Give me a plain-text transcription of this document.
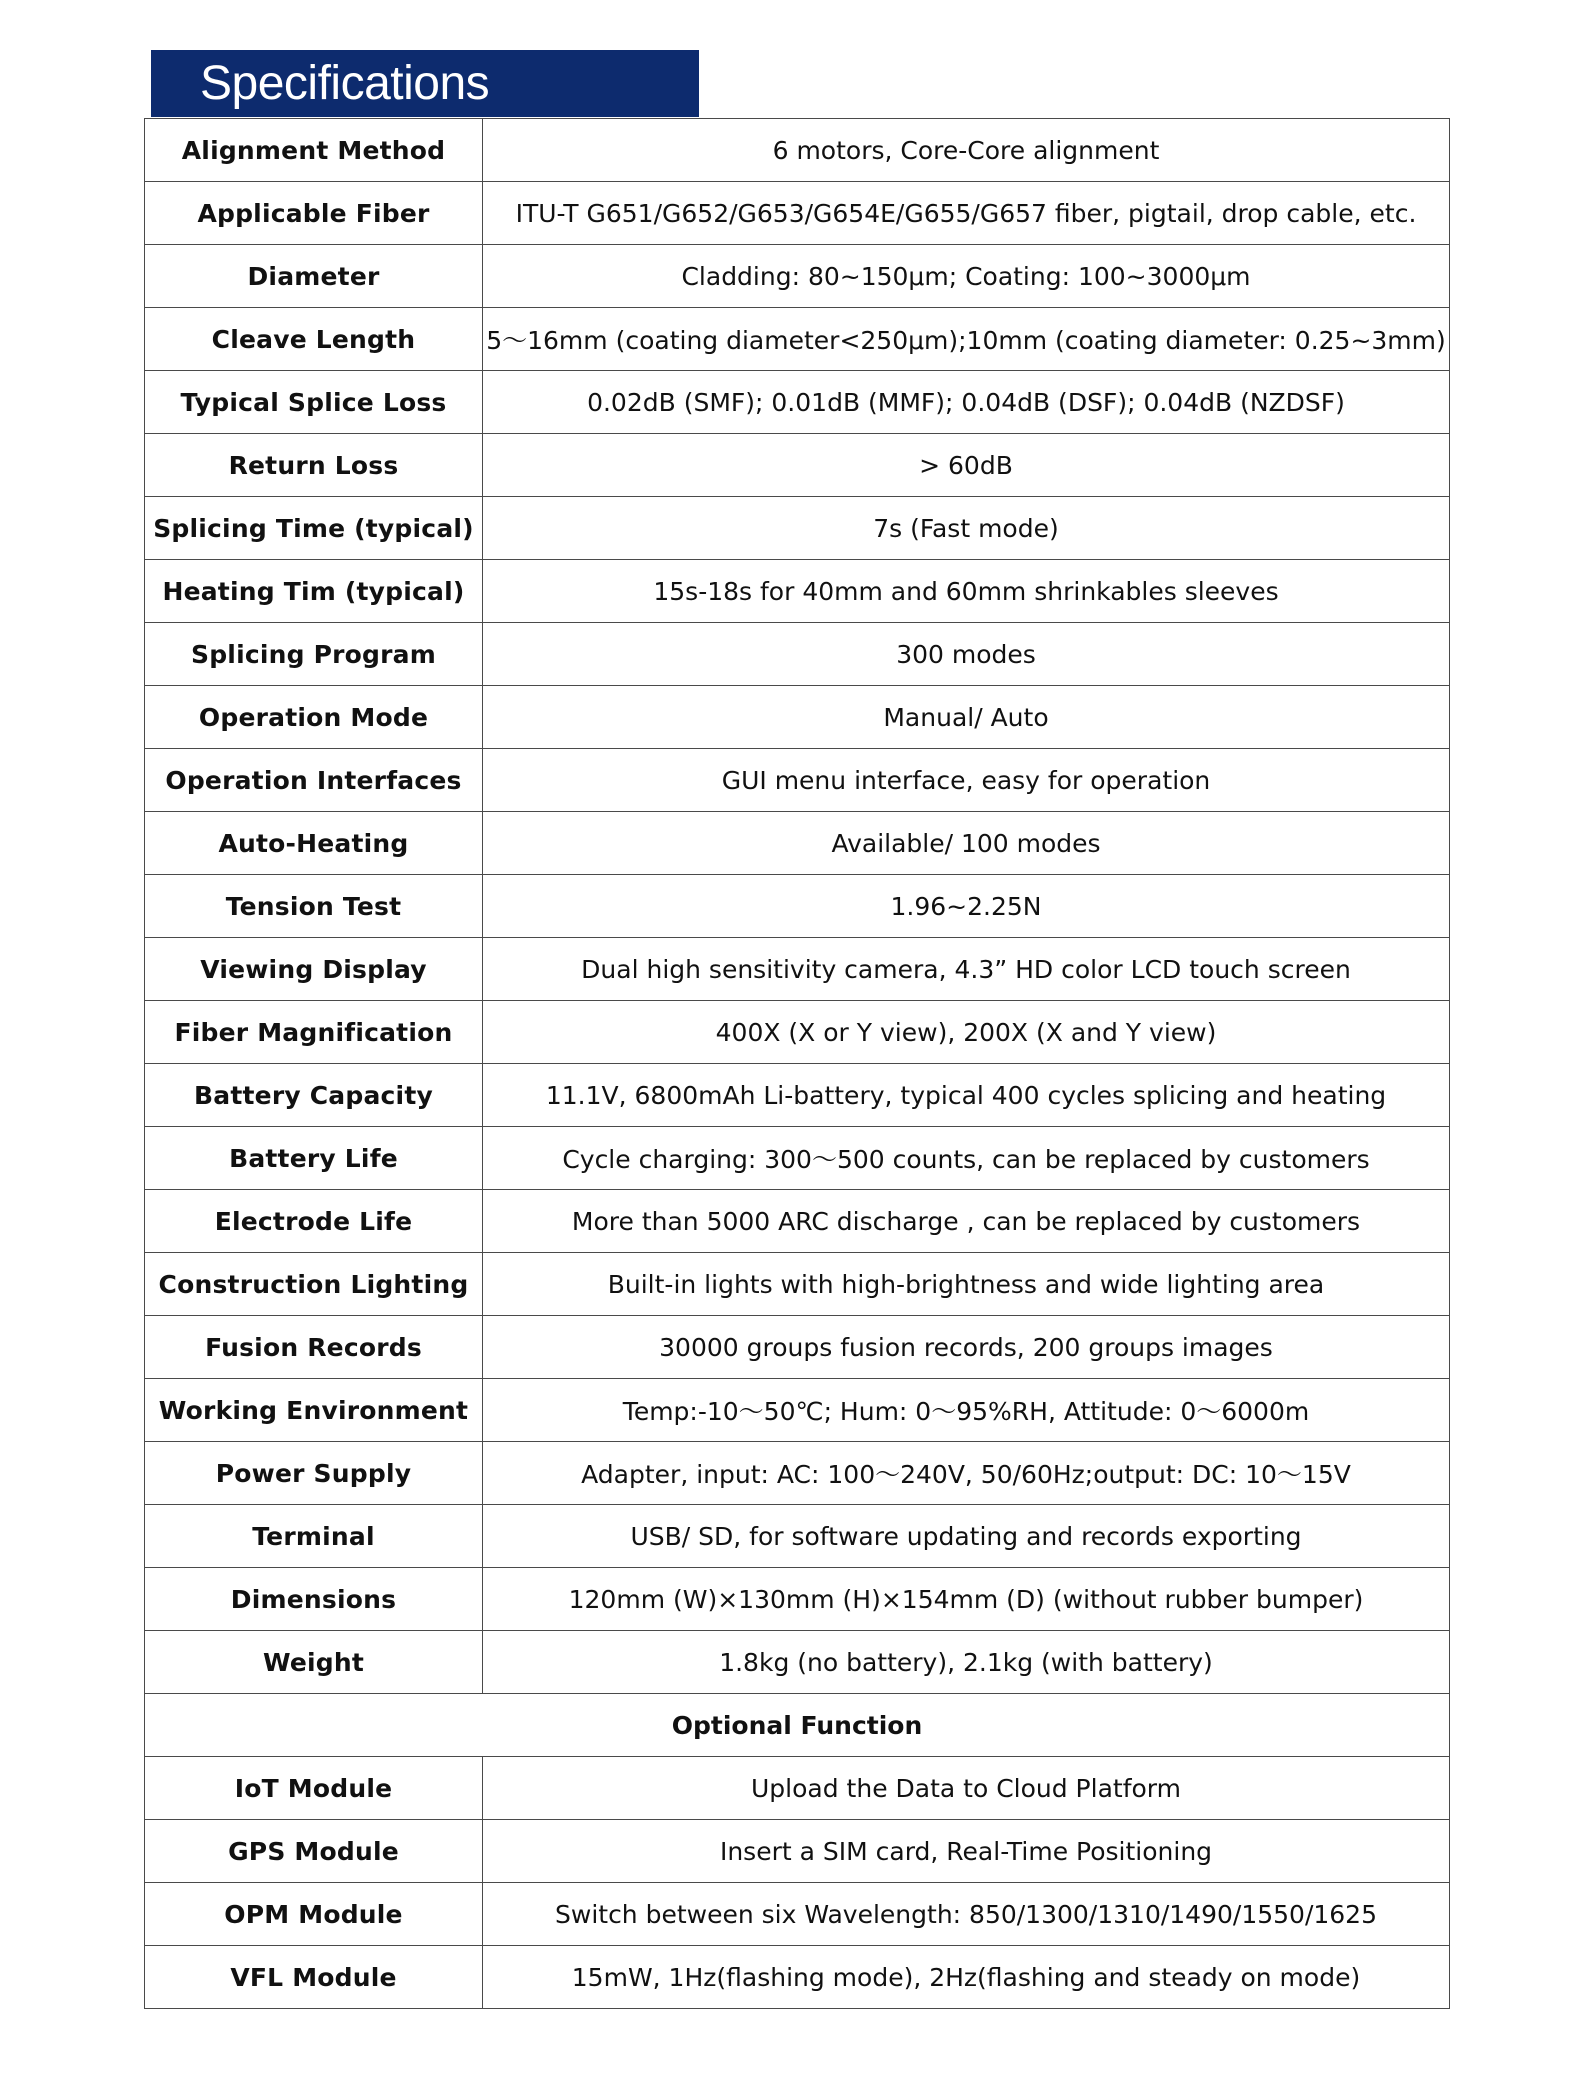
Specifications
Alignment Method	6 motors, Core-Core alignment
Applicable Fiber	ITU-T G651/G652/G653/G654E/G655/G657 fiber, pigtail, drop cable, etc.
Diameter	Cladding: 80~150μm; Coating: 100~3000μm
Cleave Length	5～16mm (coating diameter<250μm);10mm (coating diameter: 0.25~3mm)
Typical Splice Loss	0.02dB (SMF); 0.01dB (MMF); 0.04dB (DSF); 0.04dB (NZDSF)
Return Loss	> 60dB
Splicing Time (typical)	7s (Fast mode)
Heating Tim (typical)	15s-18s for 40mm and 60mm shrinkables sleeves
Splicing Program	300 modes
Operation Mode	Manual/ Auto
Operation Interfaces	GUI menu interface, easy for operation
Auto-Heating	Available/ 100 modes
Tension Test	1.96~2.25N
Viewing Display	Dual high sensitivity camera, 4.3” HD color LCD touch screen
Fiber Magnification	400X (X or Y view), 200X (X and Y view)
Battery Capacity	11.1V, 6800mAh Li-battery, typical 400 cycles splicing and heating
Battery Life	Cycle charging: 300～500 counts, can be replaced by customers
Electrode Life	More than 5000 ARC discharge , can be replaced by customers
Construction Lighting	Built-in lights with high-brightness and wide lighting area
Fusion Records	30000 groups fusion records, 200 groups images
Working Environment	Temp:-10～50℃; Hum: 0～95%RH, Attitude: 0～6000m
Power Supply	Adapter, input: AC: 100～240V, 50/60Hz;output: DC: 10～15V
Terminal	USB/ SD, for software updating and records exporting
Dimensions	120mm (W)×130mm (H)×154mm (D) (without rubber bumper)
Weight	1.8kg (no battery), 2.1kg (with battery)
Optional Function	
IoT Module	Upload the Data to Cloud Platform
GPS Module	Insert a SIM card, Real-Time Positioning
OPM Module	Switch between six Wavelength: 850/1300/1310/1490/1550/1625
VFL Module	15mW, 1Hz(flashing mode), 2Hz(flashing and steady on mode)
